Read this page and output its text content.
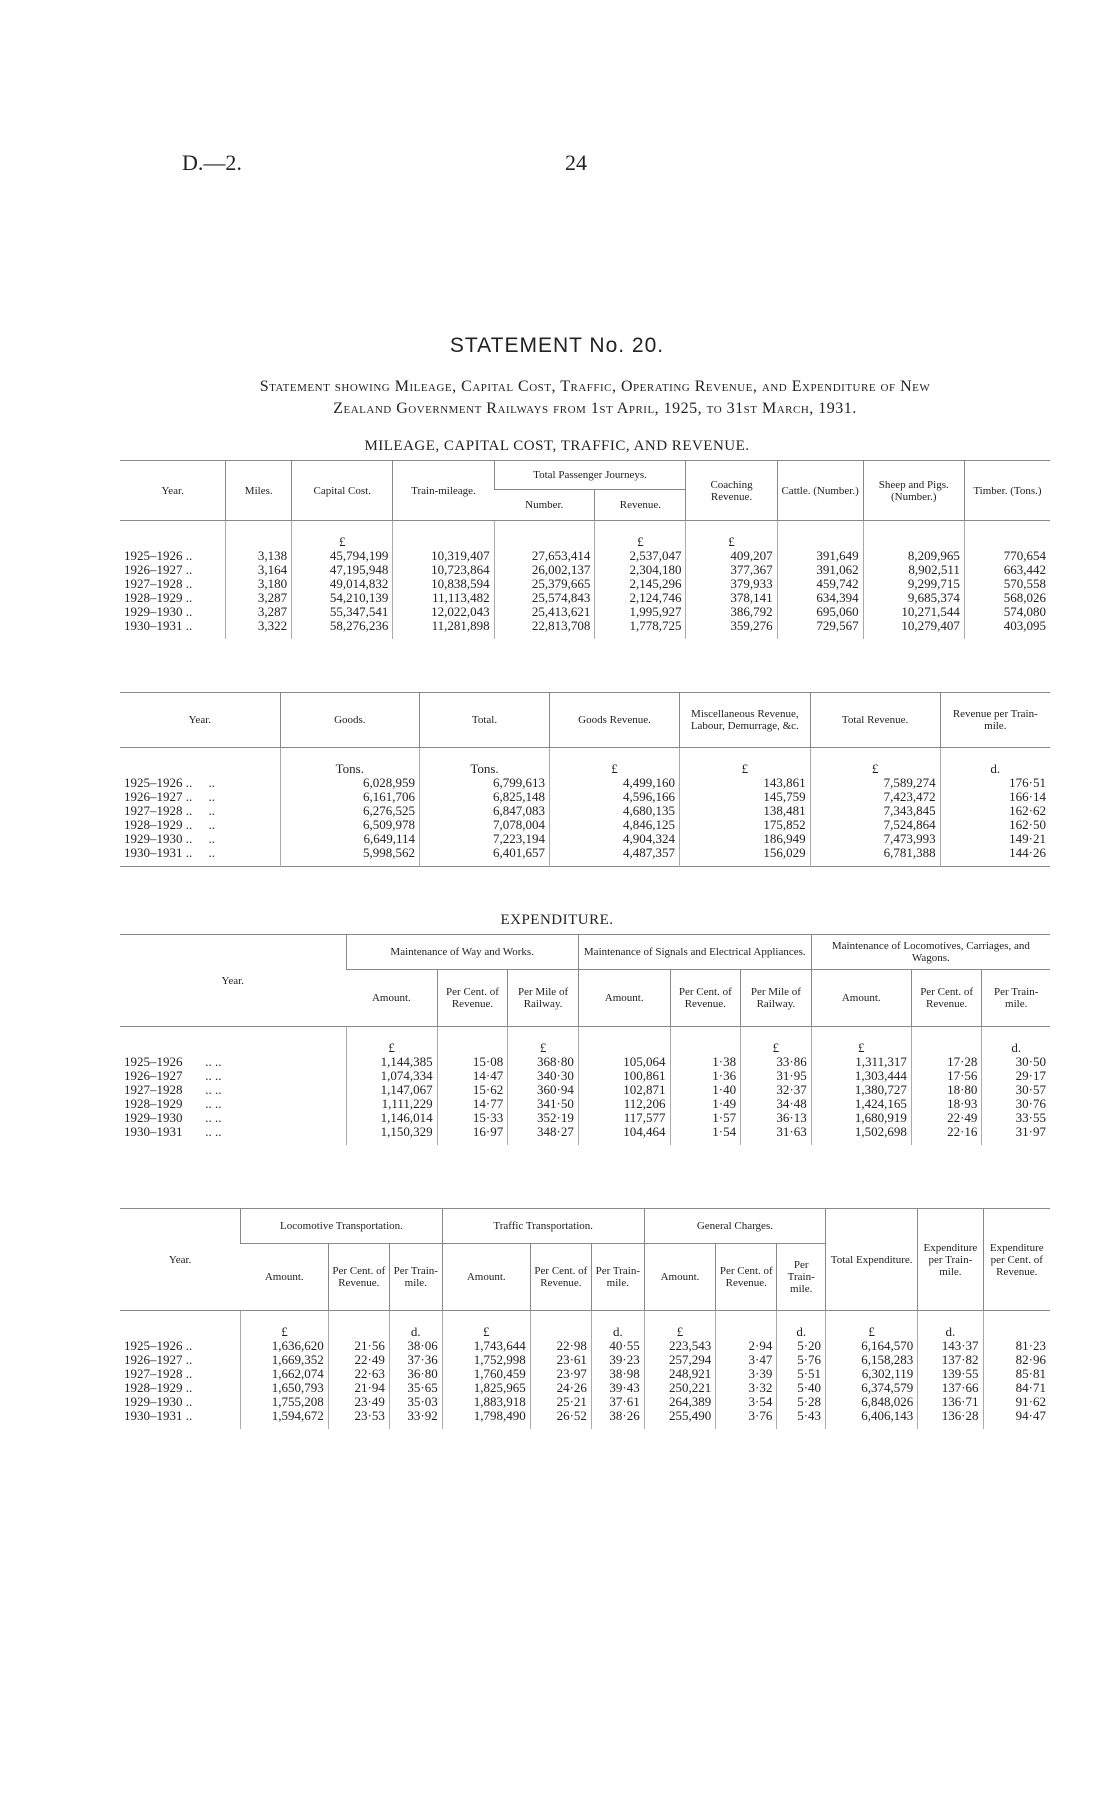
D.—2.	24
STATEMENT No. 20.
Statement showing Mileage, Capital Cost, Traffic, Operating Revenue, and Expenditure of New
Zealand Government Railways from 1st April, 1925, to 31st March, 1931.
MILEAGE, CAPITAL COST, TRAFFIC, AND REVENUE.
Year.	Miles.	Capital Cost.	Train-mileage.	Total Passenger Journeys.		Coaching Revenue.	Cattle. (Number.)	Sheep and Pigs. (Number.)	Timber. (Tons.)
				Number.	Revenue.				
		£			£	£			
1925–1926 ..	3,138	45,794,199	10,319,407	27,653,414	2,537,047	409,207	391,649	8,209,965	770,654
1926–1927 ..	3,164	47,195,948	10,723,864	26,002,137	2,304,180	377,367	391,062	8,902,511	663,442
1927–1928 ..	3,180	49,014,832	10,838,594	25,379,665	2,145,296	379,933	459,742	9,299,715	570,558
1928–1929 ..	3,287	54,210,139	11,113,482	25,574,843	2,124,746	378,141	634,394	9,685,374	568,026
1929–1930 ..	3,287	55,347,541	12,022,043	25,413,621	1,995,927	386,792	695,060	10,271,544	574,080
1930–1931 ..	3,322	58,276,236	11,281,898	22,813,708	1,778,725	359,276	729,567	10,279,407	403,095
Year.	Goods.	Total.	Goods Revenue.	Miscellaneous Revenue, Labour, Demurrage, &c.	Total Revenue.	Revenue per Train-mile.
	Tons.	Tons.	£	£	£	d.
1925–1926 .. ..	6,028,959	6,799,613	4,499,160	143,861	7,589,274	176·51
1926–1927 .. ..	6,161,706	6,825,148	4,596,166	145,759	7,423,472	166·14
1927–1928 .. ..	6,276,525	6,847,083	4,680,135	138,481	7,343,845	162·62
1928–1929 .. ..	6,509,978	7,078,004	4,846,125	175,852	7,524,864	162·50
1929–1930 .. ..	6,649,114	7,223,194	4,904,324	186,949	7,473,993	149·21
1930–1931 .. ..	5,998,562	6,401,657	4,487,357	156,029	6,781,388	144·26
EXPENDITURE.
Year.	Maintenance of Way and Works.			Maintenance of Signals and Electrical Appliances.			Maintenance of Locomotives, Carriages, and Wagons.		
	Amount.	Per Cent. of Revenue.	Per Mile of Railway.	Amount.	Per Cent. of Revenue.	Per Mile of Railway.	Amount.	Per Cent. of Revenue.	Per Train-mile.
	£		£			£	£		d.
1925–1926 .. ..	1,144,385	15·08	368·80	105,064	1·38	33·86	1,311,317	17·28	30·50
1926–1927 .. ..	1,074,334	14·47	340·30	100,861	1·36	31·95	1,303,444	17·56	29·17
1927–1928 .. ..	1,147,067	15·62	360·94	102,871	1·40	32·37	1,380,727	18·80	30·57
1928–1929 .. ..	1,111,229	14·77	341·50	112,206	1·49	34·48	1,424,165	18·93	30·76
1929–1930 .. ..	1,146,014	15·33	352·19	117,577	1·57	36·13	1,680,919	22·49	33·55
1930–1931 .. ..	1,150,329	16·97	348·27	104,464	1·54	31·63	1,502,698	22·16	31·97
Year.	Locomotive Transportation.			Traffic Transportation.			General Charges.			Total Expenditure.	Expenditure per Train-mile.	Expenditure per Cent. of Revenue.
	Amount.	Per Cent. of Revenue.	Per Train-mile.	Amount.	Per Cent. of Revenue.	Per Train-mile.	Amount.	Per Cent. of Revenue.	Per Train-mile.			
	£		d.	£		d.	£		d.	£	d.	
1925–1926 ..	1,636,620	21·56	38·06	1,743,644	22·98	40·55	223,543	2·94	5·20	6,164,570	143·37	81·23
1926–1927 ..	1,669,352	22·49	37·36	1,752,998	23·61	39·23	257,294	3·47	5·76	6,158,283	137·82	82·96
1927–1928 ..	1,662,074	22·63	36·80	1,760,459	23·97	38·98	248,921	3·39	5·51	6,302,119	139·55	85·81
1928–1929 ..	1,650,793	21·94	35·65	1,825,965	24·26	39·43	250,221	3·32	5·40	6,374,579	137·66	84·71
1929–1930 ..	1,755,208	23·49	35·03	1,883,918	25·21	37·61	264,389	3·54	5·28	6,848,026	136·71	91·62
1930–1931 ..	1,594,672	23·53	33·92	1,798,490	26·52	38·26	255,490	3·76	5·43	6,406,143	136·28	94·47
